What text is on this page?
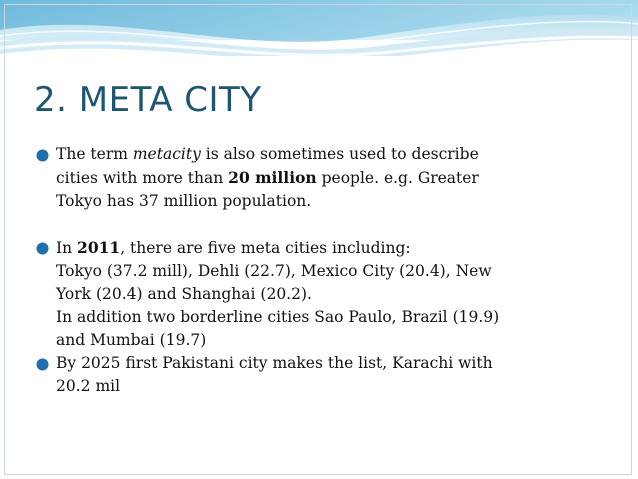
2. META CITY
The term metacity is also sometimes used to describe
cities with more than 20 million people. e.g. Greater
Tokyo has 37 million population.
In 2011, there are five meta cities including:
Tokyo (37.2 mill), Dehli (22.7), Mexico City (20.4), New
York (20.4) and Shanghai (20.2).
In addition two borderline cities Sao Paulo, Brazil (19.9)
and Mumbai (19.7)
By 2025 first Pakistani city makes the list, Karachi with
20.2 mil
